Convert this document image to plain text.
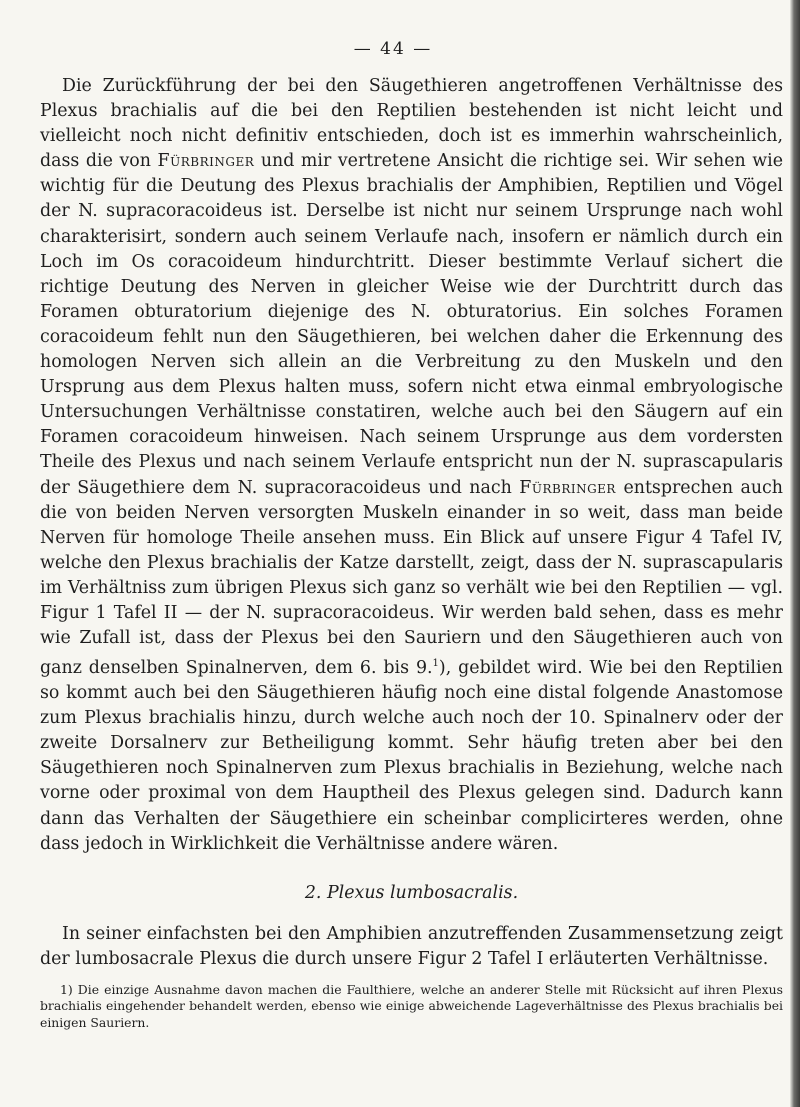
— 44 —

Die Zurückführung der bei den Säugethieren angetroffenen Verhältnisse des Plexus brachialis auf die bei den Reptilien bestehenden ist nicht leicht und vielleicht noch nicht definitiv entschieden, doch ist es immerhin wahrscheinlich, dass die von Fürbringer und mir vertretene Ansicht die richtige sei. Wir sehen wie wichtig für die Deutung des Plexus brachialis der Amphibien, Reptilien und Vögel der N. supracoracoideus ist. Derselbe ist nicht nur seinem Ursprunge nach wohl charakterisirt, sondern auch seinem Verlaufe nach, insofern er nämlich durch ein Loch im Os coracoideum hindurchtritt. Dieser bestimmte Verlauf sichert die richtige Deutung des Nerven in gleicher Weise wie der Durchtritt durch das Foramen obturatorium diejenige des N. obturatorius. Ein solches Foramen coracoideum fehlt nun den Säugethieren, bei welchen daher die Erkennung des homologen Nerven sich allein an die Verbreitung zu den Muskeln und den Ursprung aus dem Plexus halten muss, sofern nicht etwa einmal embryologische Untersuchungen Verhältnisse constatiren, welche auch bei den Säugern auf ein Foramen coracoideum hinweisen. Nach seinem Ursprunge aus dem vordersten Theile des Plexus und nach seinem Verlaufe entspricht nun der N. suprascapularis der Säugethiere dem N. supracoracoideus und nach Fürbringer entsprechen auch die von beiden Nerven versorgten Muskeln einander in so weit, dass man beide Nerven für homologe Theile ansehen muss. Ein Blick auf unsere Figur 4 Tafel IV, welche den Plexus brachialis der Katze darstellt, zeigt, dass der N. suprascapularis im Verhältniss zum übrigen Plexus sich ganz so verhält wie bei den Reptilien — vgl. Figur 1 Tafel II — der N. supracoracoideus. Wir werden bald sehen, dass es mehr wie Zufall ist, dass der Plexus bei den Sauriern und den Säugethieren auch von ganz denselben Spinalnerven, dem 6. bis 9.$^1$), gebildet wird. Wie bei den Reptilien so kommt auch bei den Säugethieren häufig noch eine distal folgende Anastomose zum Plexus brachialis hinzu, durch welche auch noch der 10. Spinalnerv oder der zweite Dorsalnerv zur Betheiligung kommt. Sehr häufig treten aber bei den Säugethieren noch Spinalnerven zum Plexus brachialis in Beziehung, welche nach vorne oder proximal von dem Hauptheil des Plexus gelegen sind. Dadurch kann dann das Verhalten der Säugethiere ein scheinbar complicirteres werden, ohne dass jedoch in Wirklichkeit die Verhältnisse andere wären.

2. Plexus lumbosacralis.

In seiner einfachsten bei den Amphibien anzutreffenden Zusammensetzung zeigt der lumbosacrale Plexus die durch unsere Figur 2 Tafel I erläuterten Verhältnisse.

1) Die einzige Ausnahme davon machen die Faulthiere, welche an anderer Stelle mit Rücksicht auf ihren Plexus brachialis eingehender behandelt werden, ebenso wie einige abweichende Lageverhältnisse des Plexus brachialis bei einigen Sauriern.
